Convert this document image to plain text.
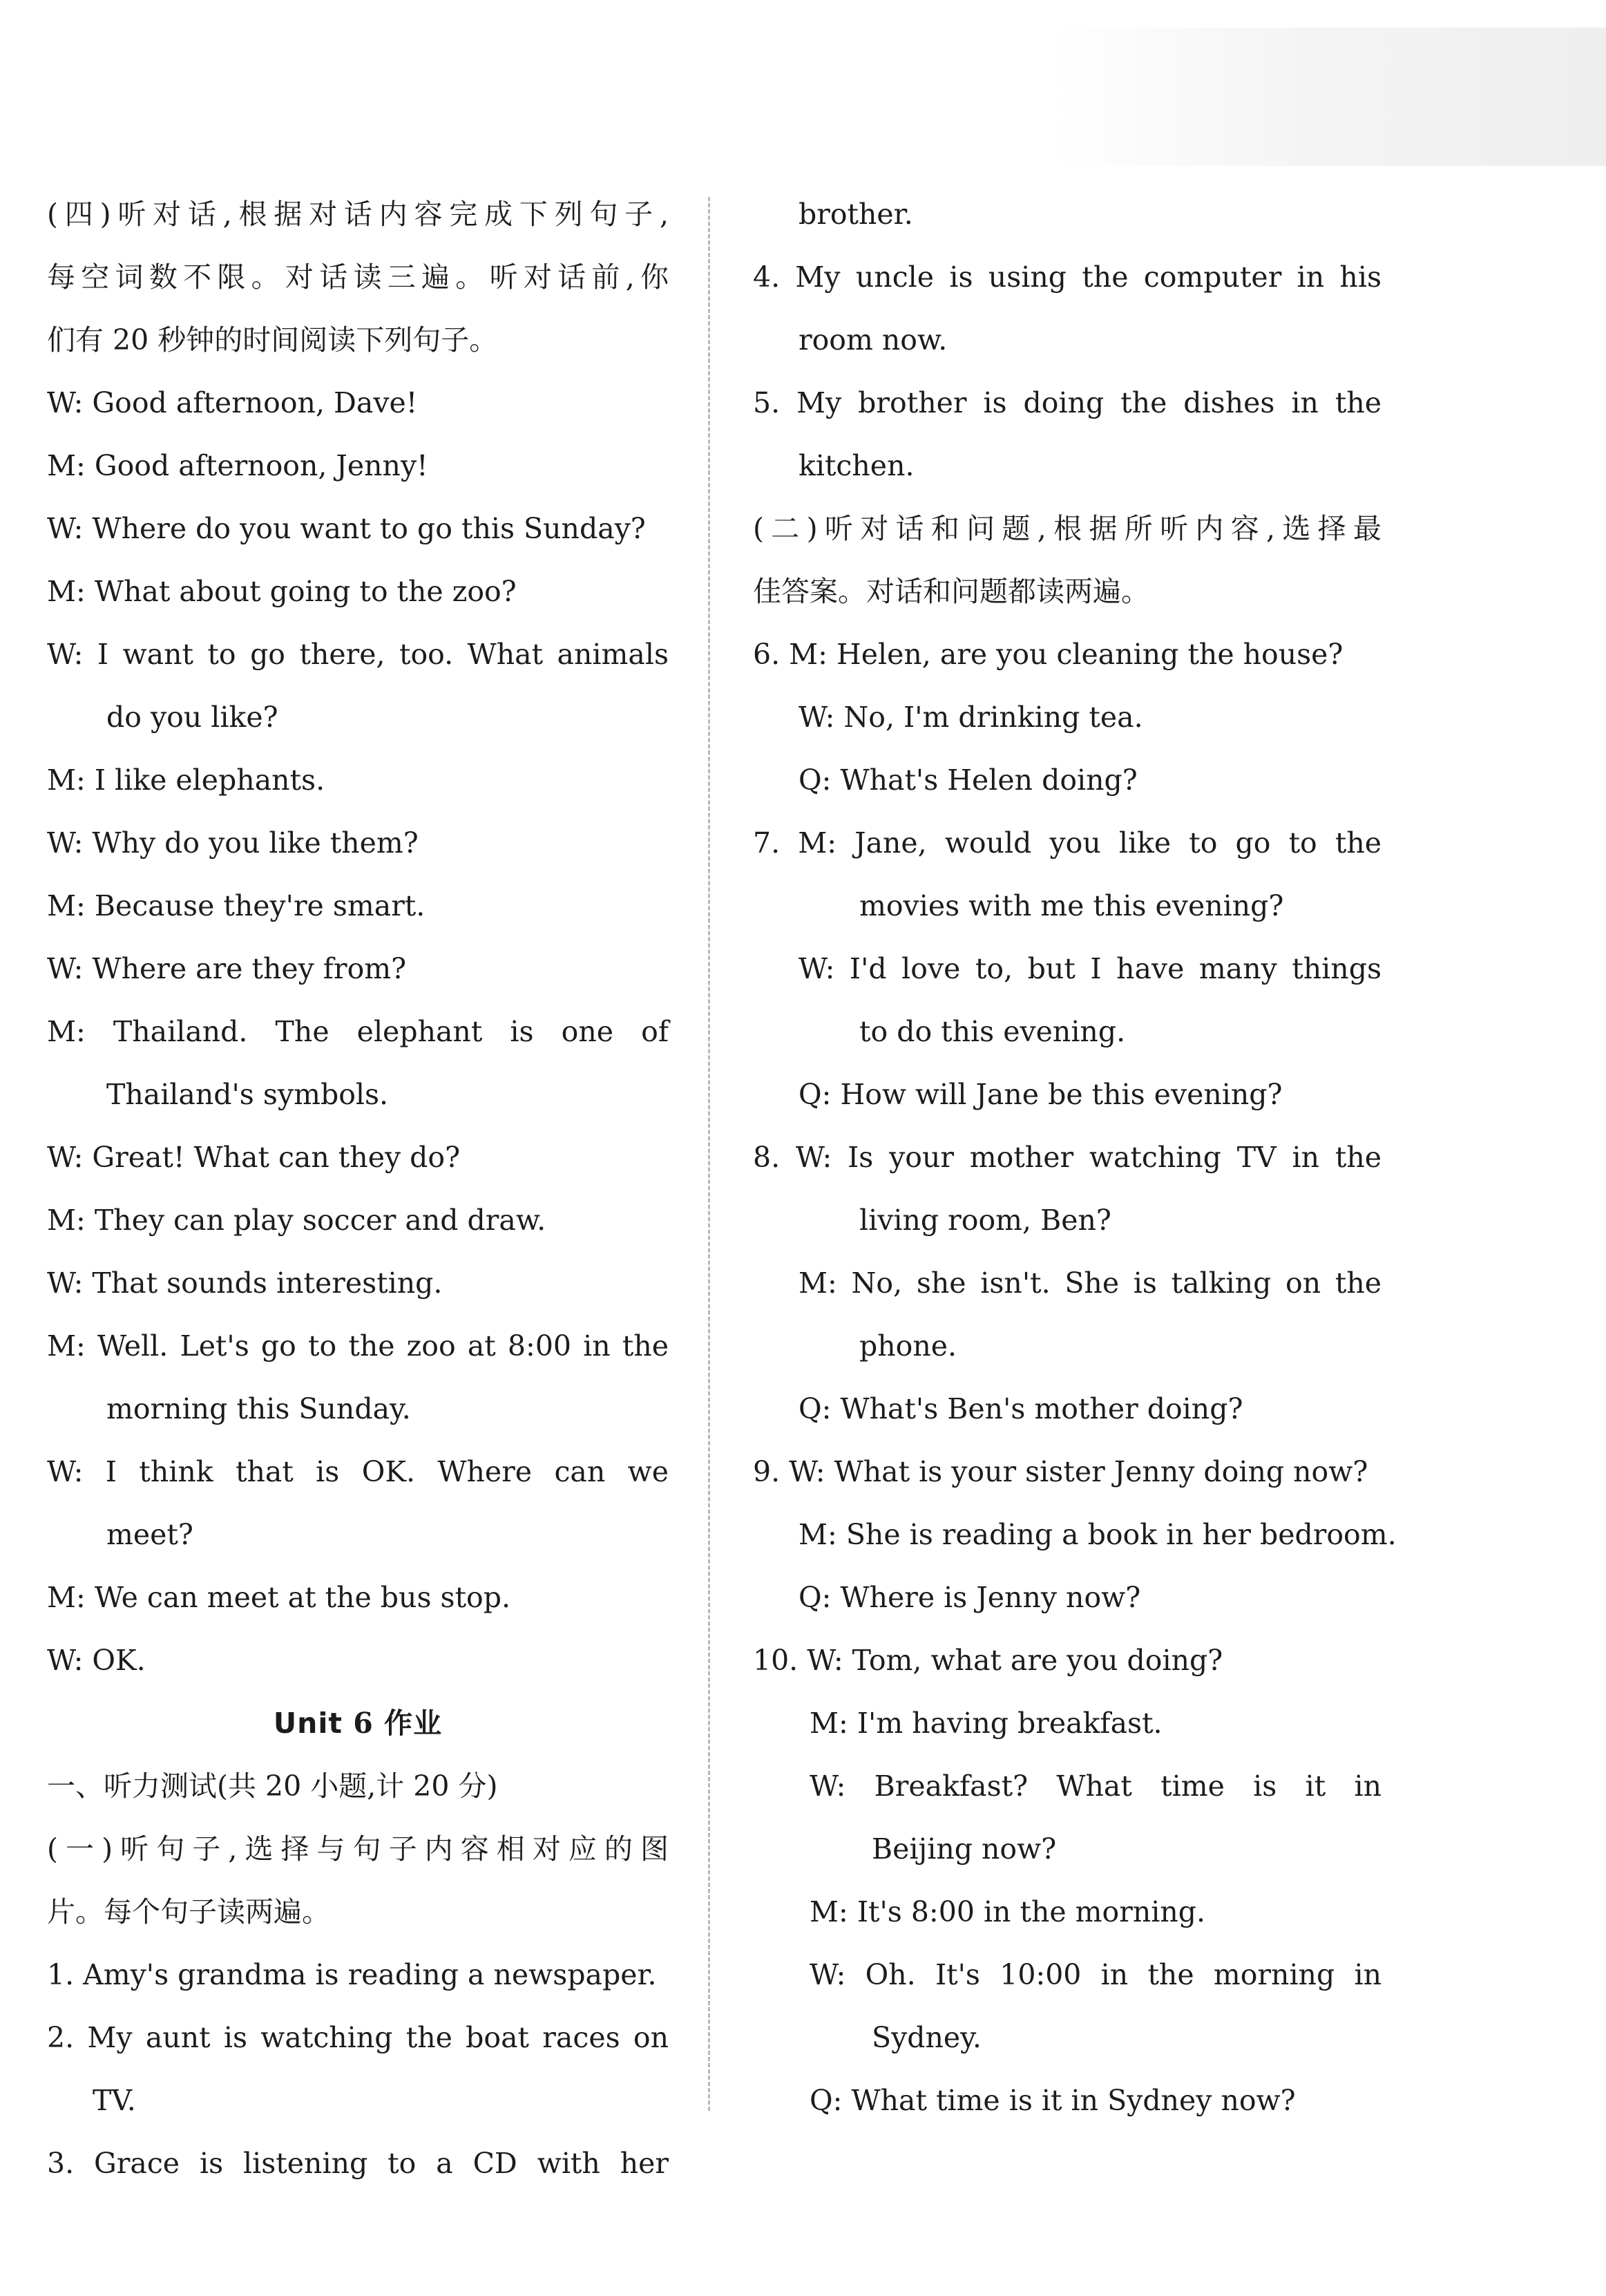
(四)听对话,根据对话内容完成下列句子,
每空词数不限。对话读三遍。听对话前,你
们有 20 秒钟的时间阅读下列句子。
W: Good afternoon, Dave!
M: Good afternoon, Jenny!
W: Where do you want to go this Sunday?
M: What about going to the zoo?
W: I want to go there, too. What animals
do you like?
M: I like elephants.
W: Why do you like them?
M: Because they're smart.
W: Where are they from?
M: Thailand. The elephant is one of
Thailand's symbols.
W: Great! What can they do?
M: They can play soccer and draw.
W: That sounds interesting.
M: Well. Let's go to the zoo at 8:00 in the
morning this Sunday.
W: I think that is OK. Where can we
meet?
M: We can meet at the bus stop.
W: OK.
Unit 6 作业
一、听力测试(共 20 小题,计 20 分)
(一)听句子,选择与句子内容相对应的图
片。每个句子读两遍。
1. Amy's grandma is reading a newspaper.
2. My aunt is watching the boat races on
TV.
3. Grace is listening to a CD with her
brother.
4. My uncle is using the computer in his
room now.
5. My brother is doing the dishes in the
kitchen.
(二)听对话和问题,根据所听内容,选择最
佳答案。对话和问题都读两遍。
6. M: Helen, are you cleaning the house?
W: No, I'm drinking tea.
Q: What's Helen doing?
7. M: Jane, would you like to go to the
movies with me this evening?
W: I'd love to, but I have many things
to do this evening.
Q: How will Jane be this evening?
8. W: Is your mother watching TV in the
living room, Ben?
M: No, she isn't. She is talking on the
phone.
Q: What's Ben's mother doing?
9. W: What is your sister Jenny doing now?
M: She is reading a book in her bedroom.
Q: Where is Jenny now?
10. W: Tom, what are you doing?
M: I'm having breakfast.
W: Breakfast? What time is it in
Beijing now?
M: It's 8:00 in the morning.
W: Oh. It's 10:00 in the morning in
Sydney.
Q: What time is it in Sydney now?
